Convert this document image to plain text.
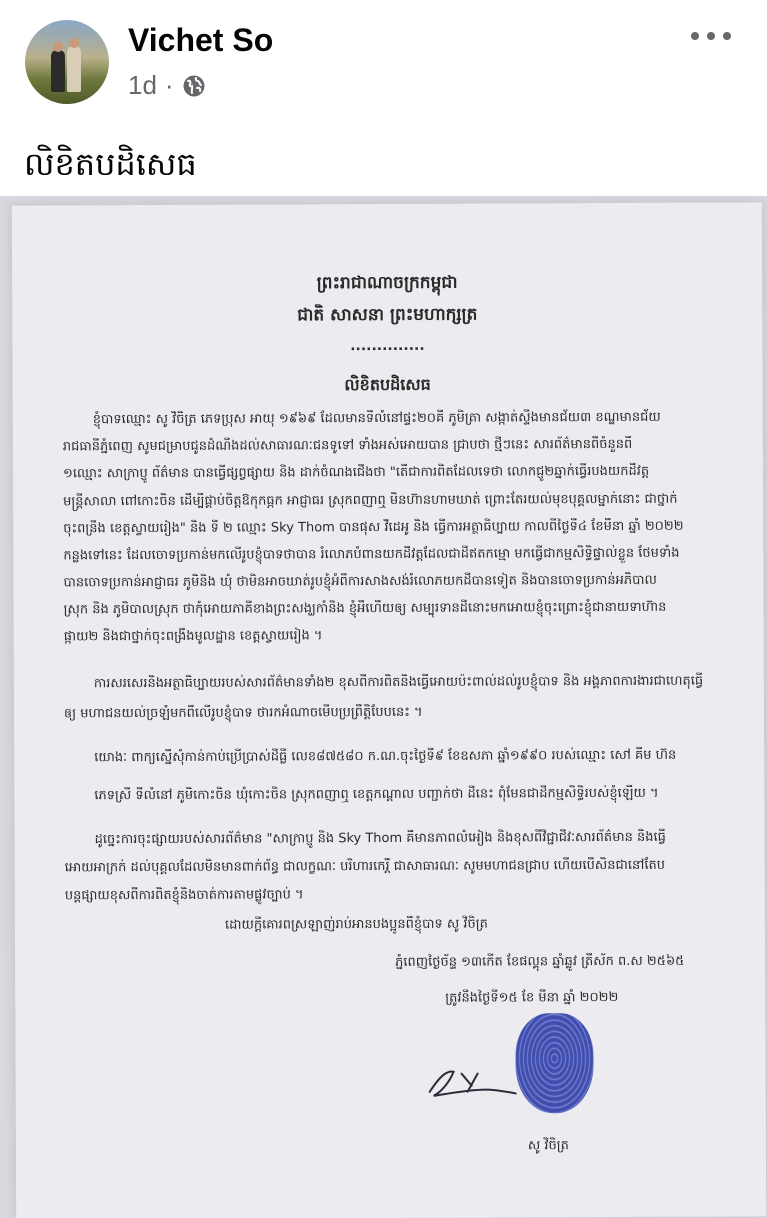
Vichet So
1d ·
លិខិតបដិសេធ
ព្រះរាជាណាចក្រកម្ពុជា
ជាតិ សាសនា ព្រះមហាក្សត្រ
..............
លិខិតបដិសេធ
ខ្ញុំបាទឈ្មោះ សូ វិចិត្រ ភេទប្រុស អាយុ ១៩៦៩ ដែលមានទីលំនៅផ្ទះ២០គី ភូមិត្រា សង្កាត់ស្ទឹងមានជ័យ៣ ខណ្ឌមានជ័យ
រាជធានីភ្នំពេញ សូមជម្រាបជូនដំណឹងដល់សាធារណៈជនទូទៅ ទាំងអស់អោយបាន ជ្រាបថា ថ្មីៗនេះ សារព័ត៌មានពីចំនួនពី
១ឈ្មោះ សាក្រាប្ញូ ព័ត៌មាន បានធ្វើផ្សព្វផ្សាយ និង ដាក់ចំណងជើងថា "តើជាការពិតដែលទេថា លោកជ្ញូ២ឆ្នាក់ធ្វើរបងយកដីវត្ត
មន្ត្រីសាលា ពៅកោះចិន ដើម្បីផ្គាប់ចិត្តឱកុកធ្ភក អាជ្ញាធរ ស្រុកពញាឮ មិនហ៊ានហាមឃាត់ ព្រោះតែរយល់មុខបុគ្គលម្នាក់នោះ ជាថ្នាក់
ចុះពន្រឹង ខេត្តស្វាយរៀង" និង ទី ២ ឈ្មោះ Sky Thom បានផុស វីដេអូ និង ធ្វើការអត្ថាធិប្បាយ កាលពីថ្ងៃទី៤ ខែមីនា ឆ្នាំ ២០២២
កន្លងទៅនេះ ដែលចោទប្រកាន់មកលើរូបខ្ញុំបាទថាបាន រំលោភបំពានយកដីវត្តដែលជាដីឥតកម្មោ មកធ្វើជាកម្មសិទ្ធិផ្ទាល់ខ្លួន ថែមទាំង
បានចោទប្រកាន់អាជ្ញាធរ ភូមិនិង ឃុំ ថាមិនអាចឃាត់រូបខ្ញុំអំពីការសាងសង់រំលោភយកដីបានទៀត និងបានចោទប្រកាន់អភិបាល
ស្រុក និង ភូមិបាលស្រុក ថាកុំអោយភាគីខាងព្រះសង្ឃកាំនិង ខ្ញុំអីហើយឲ្យ សម្បុរទានដីនោះមកអោយខ្ញុំចុះព្រោះខ្ញុំជានាយទាហ៊ាន
ផ្កាយ២ និងជាថ្នាក់ចុះពង្រឹងមូលដ្ឋាន ខេត្តស្វាយរៀង ។
ការសរសេរនិងអត្ថាធិប្បាយរបស់សារព័ត៌មានទាំង២ ខុសពីការពិតនិងធ្វើអោយប៉ះពាល់ដល់រូបខ្ញុំបាទ និង អង្គភាពការងារជាហេតុធ្វើ
ឲ្យ មហាជនយល់ច្រឡំមកពីលើរូបខ្ញុំបាទ ថារកអំណាចមើបប្រព្រឹត្តិបែបនេះ ។
យោងៈ ពាក្យស្នើសុំកាន់កាប់ប្រើប្រាស់ដីធ្លី លេខ៨៧៥៨០ ក.ណ.ចុះថ្ងៃទី៩ ខែឧសភា ឆ្នាំ១៩៩០ របស់ឈ្មោះ សៅ គីម ហ៊ន
ភេទស្រី ទីលំនៅ ភូមិកោះចិន ឃុំកោះចិន ស្រុកពញាឮ ខេត្តកណ្ដាល បញ្ជាក់ថា ដីនេះ ពុំមែនជាដីកម្មសិទ្ធិរបស់ខ្ញុំឡើយ ។
ដូច្នេះការចុះផ្សាយរបស់សារព័ត៌មាន "សាក្រាប្ញូ និង Sky Thom គឺមានភាពលំអៀង និងខុសពីវិជ្ជាជីវៈសារព័ត៌មាន និងធ្វើ
អោយអាក្រក់ ដល់បុគ្គលដែលមិនមានពាក់ព័ន្ធ ជាលក្ខណៈ បរិហារកេរ្តិ៍ ជាសាធារណៈ សូមមហាជនជ្រាប ហើយបើសិនជានៅតែប
បន្តផ្សាយខុសពីការពិតខ្ញុំនិងចាត់ការតាមផ្លូវច្បាប់ ។
ដោយក្ដីគោរពស្រឡាញ់រាប់អានបងប្អូនពីខ្ញុំបាទ សូ វិចិត្រ
ភ្នំពេញថ្ងៃច័ន្ទ ១៣កើត ខែផល្គុន ឆ្នាំឆ្លូវ ត្រីស័ក ព.ស ២៥៦៥
ត្រូវនឹងថ្ងៃទី១៥ ខែ មីនា ឆ្នាំ ២០២២
សូ វិចិត្រ
